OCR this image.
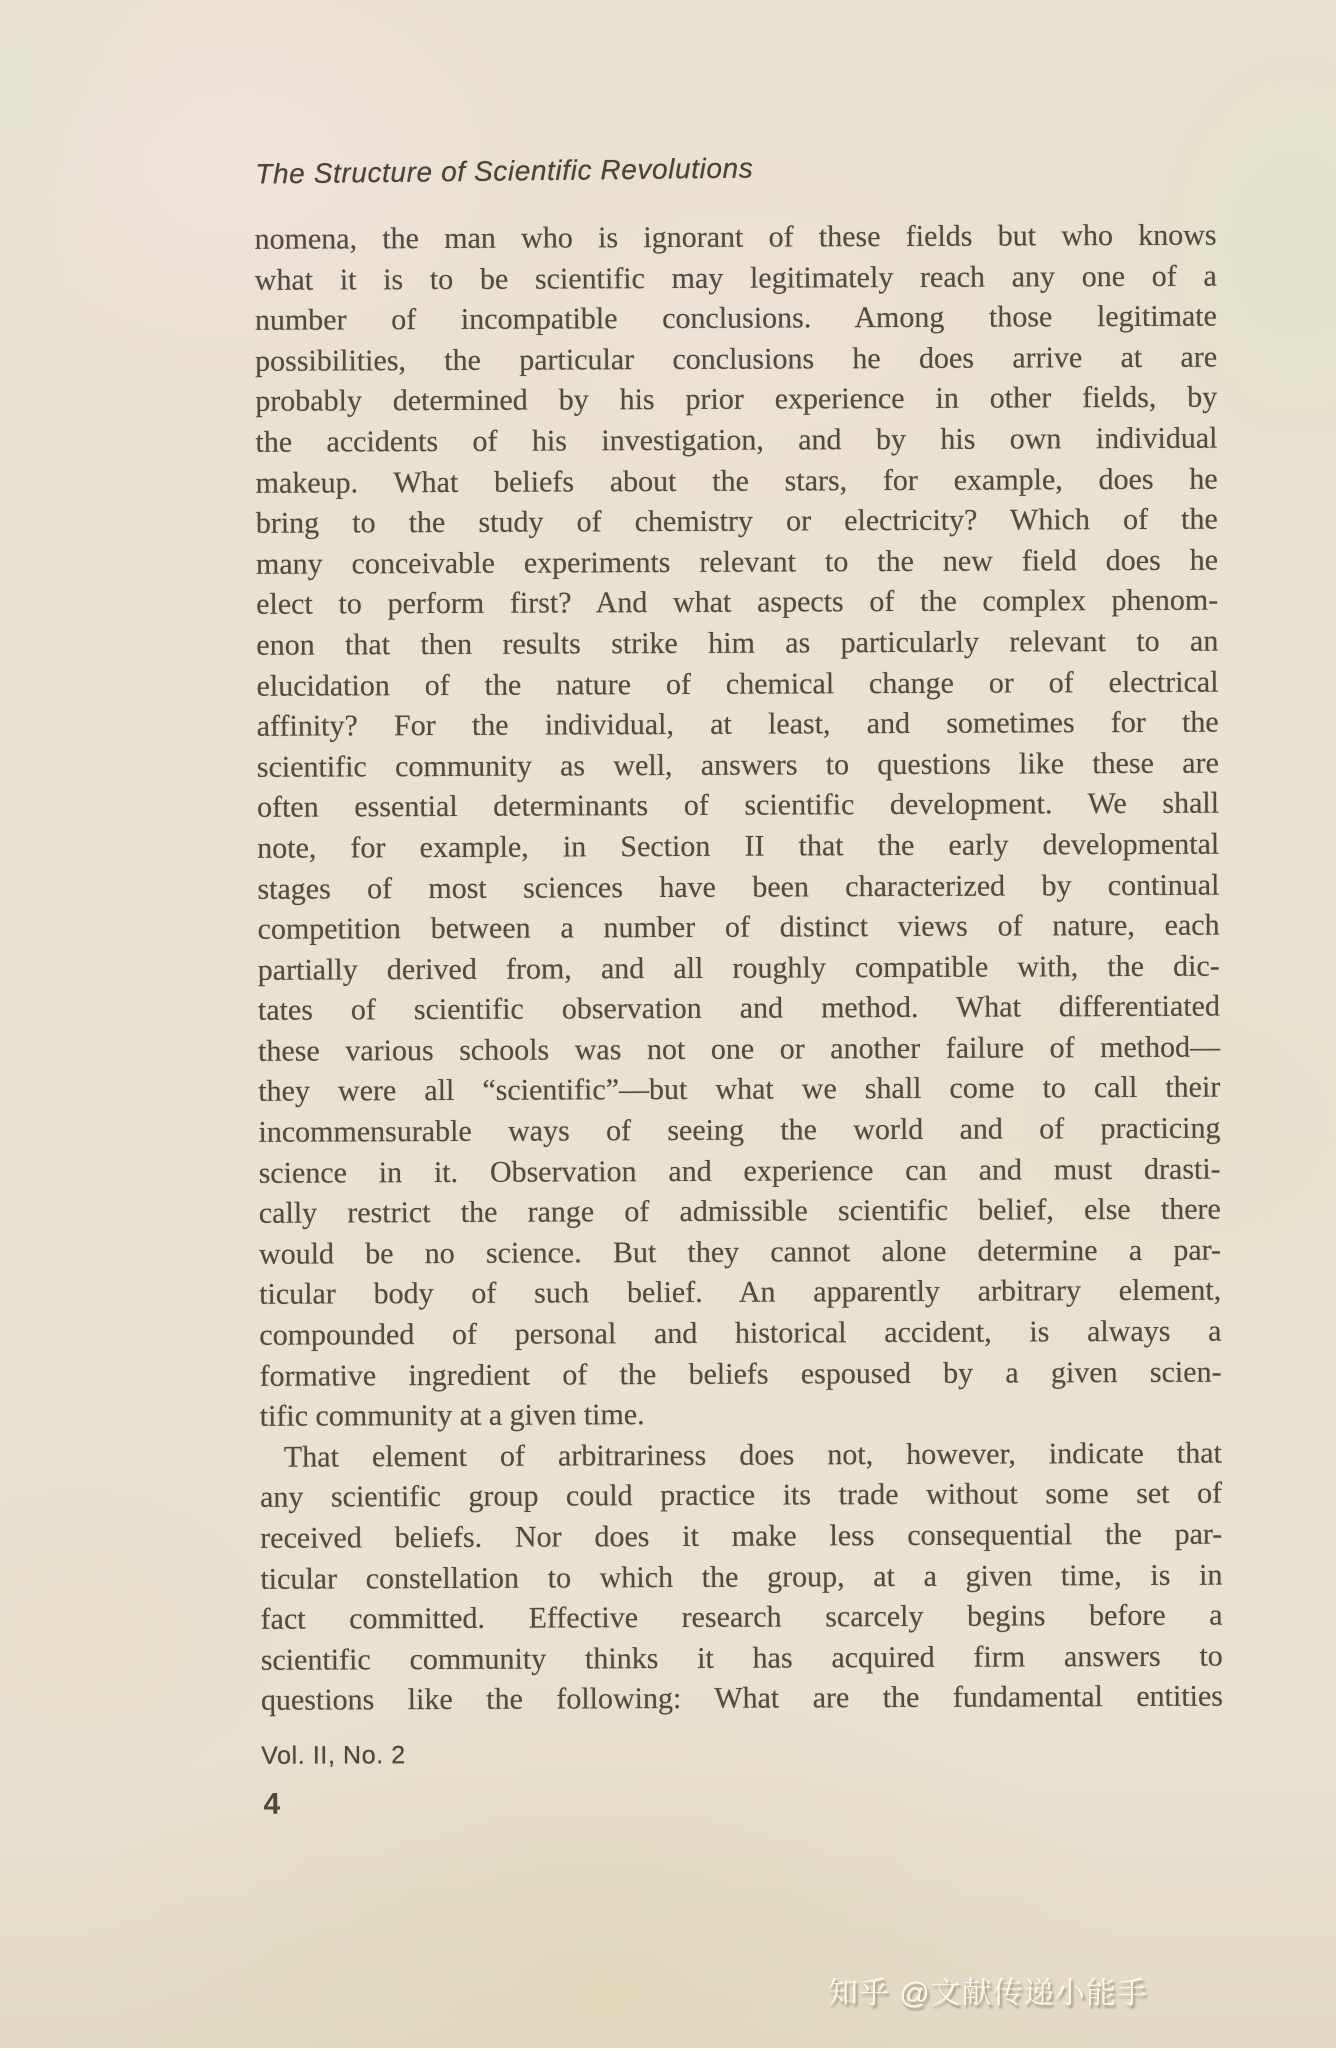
The Structure of Scientific Revolutions
nomena, the man who is ignorant of these fields but who knows
what it is to be scientific may legitimately reach any one of a
number of incompatible conclusions. Among those legitimate
possibilities, the particular conclusions he does arrive at are
probably determined by his prior experience in other fields, by
the accidents of his investigation, and by his own individual
makeup. What beliefs about the stars, for example, does he
bring to the study of chemistry or electricity? Which of the
many conceivable experiments relevant to the new field does he
elect to perform first? And what aspects of the complex phenom-
enon that then results strike him as particularly relevant to an
elucidation of the nature of chemical change or of electrical
affinity? For the individual, at least, and sometimes for the
scientific community as well, answers to questions like these are
often essential determinants of scientific development. We shall
note, for example, in Section II that the early developmental
stages of most sciences have been characterized by continual
competition between a number of distinct views of nature, each
partially derived from, and all roughly compatible with, the dic-
tates of scientific observation and method. What differentiated
these various schools was not one or another failure of method—
they were all “scientific”—but what we shall come to call their
incommensurable ways of seeing the world and of practicing
science in it. Observation and experience can and must drasti-
cally restrict the range of admissible scientific belief, else there
would be no science. But they cannot alone determine a par-
ticular body of such belief. An apparently arbitrary element,
compounded of personal and historical accident, is always a
formative ingredient of the beliefs espoused by a given scien-
tific community at a given time.
That element of arbitrariness does not, however, indicate that
any scientific group could practice its trade without some set of
received beliefs. Nor does it make less consequential the par-
ticular constellation to which the group, at a given time, is in
fact committed. Effective research scarcely begins before a
scientific community thinks it has acquired firm answers to
questions like the following: What are the fundamental entities
Vol. II, No. 2
4
知乎 @文献传递小能手
